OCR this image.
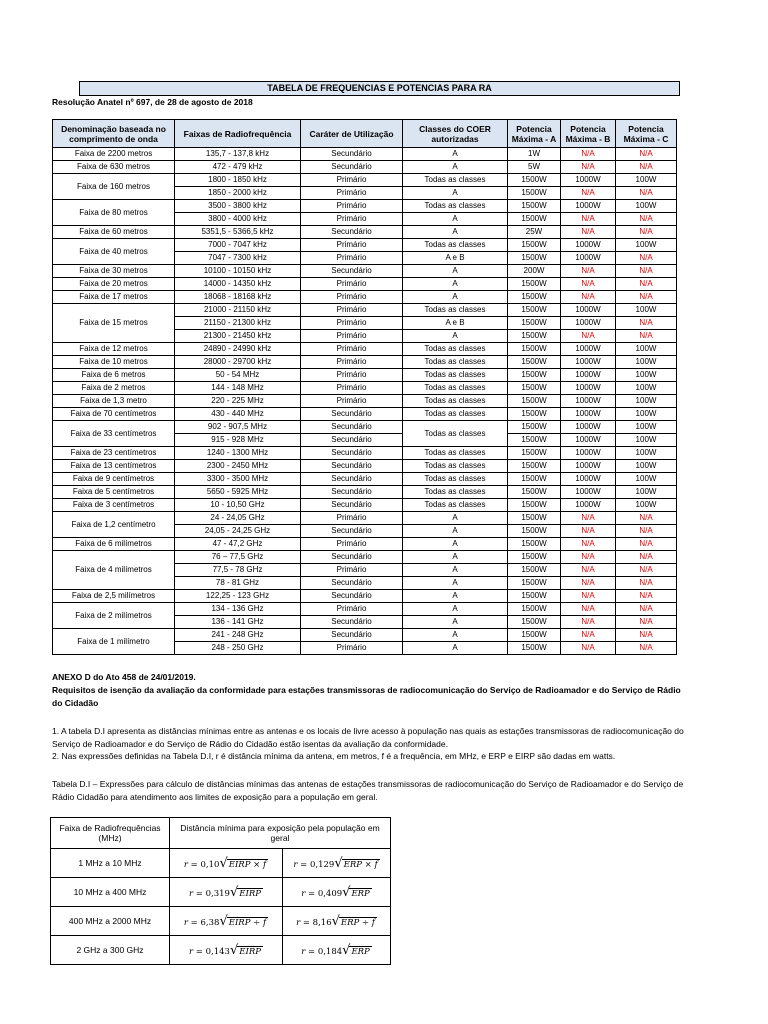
TABELA DE FREQUENCIAS E POTENCIAS PARA RA
Resolução Anatel nº 697, de 28 de agosto de 2018
Denominação baseada no comprimento de onda	Faixas de Radiofrequência	Caráter de Utilização	Classes do COER autorizadas	Potencia Máxima - A	Potencia Máxima - B	Potencia Máxima - C
Faixa de 2200 metros	135,7 - 137,8 kHz	Secundário	A	1W	N/A	N/A
Faixa de 630 metros	472 - 479 kHz	Secundário	A	5W	N/A	N/A
Faixa de 160 metros	1800 - 1850 kHz	Primário	Todas as classes	1500W	1000W	100W
	1850 - 2000 kHz	Primário	A	1500W	N/A	N/A
Faixa de 80 metros	3500 - 3800 kHz	Primário	Todas as classes	1500W	1000W	100W
	3800 - 4000 kHz	Primário	A	1500W	N/A	N/A
Faixa de 60 metros	5351,5 - 5366,5 kHz	Secundário	A	25W	N/A	N/A
Faixa de 40 metros	7000 - 7047 kHz	Primário	Todas as classes	1500W	1000W	100W
	7047 - 7300 kHz	Primário	A e B	1500W	1000W	N/A
Faixa de 30 metros	10100 - 10150 kHz	Secundário	A	200W	N/A	N/A
Faixa de 20 metros	14000 - 14350 kHz	Primário	A	1500W	N/A	N/A
Faixa de 17 metros	18068 - 18168 kHz	Primário	A	1500W	N/A	N/A
Faixa de 15 metros	21000 - 21150 kHz	Primário	Todas as classes	1500W	1000W	100W
	21150 - 21300 kHz	Primário	A e B	1500W	1000W	N/A
	21300 - 21450 kHz	Primário	A	1500W	N/A	N/A
Faixa de 12 metros	24890 - 24990 kHz	Primário	Todas as classes	1500W	1000W	100W
Faixa de 10 metros	28000 - 29700 kHz	Primário	Todas as classes	1500W	1000W	100W
Faixa de 6 metros	50 - 54 MHz	Primário	Todas as classes	1500W	1000W	100W
Faixa de 2 metros	144 - 148 MHz	Primário	Todas as classes	1500W	1000W	100W
Faixa de 1,3 metro	220 - 225 MHz	Primário	Todas as classes	1500W	1000W	100W
Faixa de 70 centímetros	430 - 440 MHz	Secundário	Todas as classes	1500W	1000W	100W
Faixa de 33 centímetros	902 - 907,5 MHz	Secundário	Todas as classes	1500W	1000W	100W
	915 - 928 MHz	Secundário		1500W	1000W	100W
Faixa de 23 centímetros	1240 - 1300 MHz	Secundário	Todas as classes	1500W	1000W	100W
Faixa de 13 centímetros	2300 - 2450 MHz	Secundário	Todas as classes	1500W	1000W	100W
Faixa de 9 centímetros	3300 - 3500 MHz	Secundário	Todas as classes	1500W	1000W	100W
Faixa de 5 centímetros	5650 - 5925 MHz	Secundário	Todas as classes	1500W	1000W	100W
Faixa de 3 centímetros	10 - 10,50 GHz	Secundário	Todas as classes	1500W	1000W	100W
Faixa de 1,2 centímetro	24 - 24,05 GHz	Primário	A	1500W	N/A	N/A
	24,05 - 24,25 GHz	Secundário	A	1500W	N/A	N/A
Faixa de 6 milímetros	47 - 47,2 GHz	Primário	A	1500W	N/A	N/A
Faixa de 4 milímetros	76 – 77,5 GHz	Secundário	A	1500W	N/A	N/A
	77,5 - 78 GHz	Primário	A	1500W	N/A	N/A
	78 - 81 GHz	Secundário	A	1500W	N/A	N/A
Faixa de 2,5 milímetros	122,25 - 123 GHz	Secundário	A	1500W	N/A	N/A
Faixa de 2 milímetros	134 - 136 GHz	Primário	A	1500W	N/A	N/A
	136 - 141 GHz	Secundário	A	1500W	N/A	N/A
Faixa de 1 milímetro	241 - 248 GHz	Secundário	A	1500W	N/A	N/A
	248 - 250 GHz	Primário	A	1500W	N/A	N/A
ANEXO D do Ato 458 de 24/01/2019.
Requisitos de isenção da avaliação da conformidade para estações transmissoras de radiocomunicação do Serviço de Radioamador e do Serviço de Rádio do Cidadão
1. A tabela D.I apresenta as distâncias mínimas entre as antenas e os locais de livre acesso à população nas quais as estações transmissoras de radiocomunicação do Serviço de Radioamador e do Serviço de Rádio do Cidadão estão isentas da avaliação da conformidade.
2. Nas expressões definidas na Tabela D.I, r é distância mínima da antena, em metros, f é a frequência, em MHz, e ERP e EIRP são dadas em watts.
Tabela D.I – Expressões para cálculo de distâncias mínimas das antenas de estações transmissoras de radiocomunicação do Serviço de Radioamador e do Serviço de Rádio Cidadão para atendimento aos limites de exposição para a população em geral.
Faixa de Radiofrequências (MHz)	Distância mínima para exposição pela população em geral	
1 MHz a 10 MHz	r = 0,10√EIRP × f	r = 0,129√ERP × f
10 MHz a 400 MHz	r = 0,319√EIRP	r = 0,409√ERP
400 MHz a 2000 MHz	r = 6,38√EIRP ÷ f	r = 8,16√ERP ÷ f
2 GHz a 300 GHz	r = 0,143√EIRP	r = 0,184√ERP
